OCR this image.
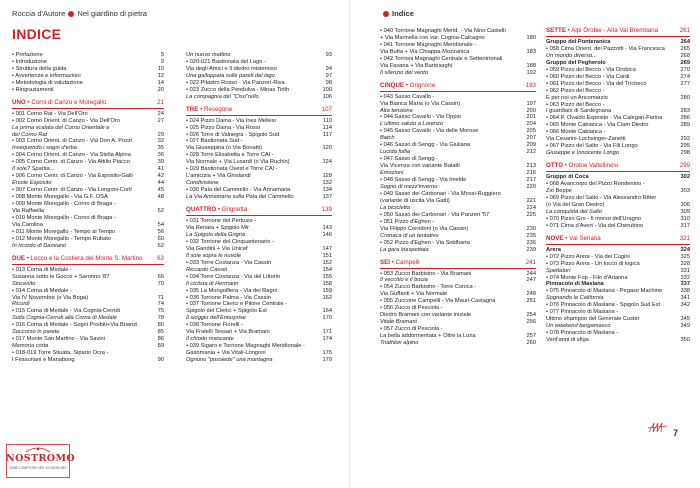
Roccia d'Autore Nel giardino di pietra
INDICE
• Prefazione	5
• Introduzione	9
• Struttura della guida	10
• Avvertenze e informazioni	12
• Metodologia di valutazione	14
• Ringraziamenti	20
UNO • Corni di Canzo e Moregallo	21
• 001 Corno Rat - Via Dell'Oro	24
• 002 Corno Orient. di Canzo - Via Dell'Oro	27
La prima scalata del Corno Orientale e
del Corno Rat	29
• 003 Corno Orient. di Canzo - Via Don A. Pozzi	32
Insequendo i sogni d'erba	35
• 004 Corno Orient. di Canzo - Via Stella Alpina	36
• 005 Corno Centr. di Canzo - Via Attilio Piacco	39
Il sole? Sparita...	41
• 006 Corno Centr. di Canzo - Via Esposito-Galli	42
Ercole Esposito	44
• 007 Corno Centr. di Canzo - Via Longoni-Corti	45
• 008 Monte Moregallo - Via G.F. OSA	48
• 009 Monte Moregallo - Corno di Braga -
Via Raffaella	52
• 010 Monte Moregallo - Corno di Braga -
Via Carolina	54
• 011 Monte Moregallo - Tempo al Tempo	56
• 012 Monte Moregallo - Tempo Rubato	60
In ricordo di Damiano	62
DUE • Lecco e la Costiera del Monte S. Martino 63
• 013 Corna di Medale -
Susanna sotto le Gocce + Saronno '87	66
Sincenito	70
• 014 Corna di Medale -
Via IV Novembre (o Via Boga)	71
Ricordi	74
• 015 Corna di Medale - Via Cognia-Cerruti	75
Sulla Cognia-Cerruti alla Corna di Medale	78
• 016 Corna di Medale - Sogni Proibiti+Via Brianzi	80
Soccorso in parete	85
• 017 Monte San Martino - Via Savini	86
Memoria corta	89
• 018-019 Torre Stiuata, Sipario Ocra -
I Fessuriani e Manabong	90
Un nuovo mattino	93
• 020-021 Bastionata del Lago -
Via degli Amici e Il diedro misterioso	94
Una galloppata sulle pareti del lago	97
• 022 Pilastro Rosso - Via Panzeri-Riva	98
• 023 Zucco della Pendulva - Minas Tirith	100
La compagnia del "Ciso"rello	106
TRE • Resegone	107
• 024 Pizzo Daina - Via Ines Mellesi	110
• 025 Pizzo Daina - Via Rossi	114
• 026 Torre di Valnegra - Spigolo Sud	117
• 027 Bastionata Sud -
Via Giuseppina (o Via Bonatti)	120
• 028 Torre Elisabetta e Torre CAI -
Via Normale + Via Lusardi (o Via Ruchin)	124
• 029 Bastionata Ovest e Torre CAI -
L'amicizia + Via Ghislandi	128
Condivisione	132
• 030 Pala del Cammello - Via Annamaria	134
La Via Annamaria sulla Pala del Cammello	137
QUATTRO • Grignetta	139
• 031 Torrione del Pertusio -
Via Renata + Spigolo Mir	143
La Spigolo della Grigna	146
• 032 Torrione del Cinquantenario -
Via Gandini + Via Unicef	147
Il sole sopra le nuvole	151
• 033 Torre Costanza - Via Cassin	152
Riccardo Cassin	154
• 034 Torre Costanza - Via del Littorio	155
Il ciclista di Hermann	158
• 035 La Mongolfiera - Via dei Ragni	159
• 036 Torrione Palma - Via Cassin	162
• 037 Torrione Clerici e Pilone Centrale -
Spigolo del Clerici + Spigolo Est	164
Il sioggio dell'Enterprise	170
• 038 Torrione Fiorelli -
Via Fratelli Tessari + Via Bramani	171
Il chiodo mancante	174
• 039 Sigaro e Torrione Magnaghi Meridionale -
Gasomania + Via Vitali-Longoni	175
Ognuno "possiede" una montagna	179
NOSTROMO
WEB COMPTOIR DES VOYAGEURS
Indice
• 040 Torrione Magnaghi Merid. - Via Nino Castelli
+ Via Marinella con var. Cognia-Calcagno	180
• 041 Torrione Magnaghi Meridionale -
Via Butta + Via Chiappa-Mozzanica	183
• 042 Torrioni Magnaghi Centrale e Settentrionali
Via Fasana + Via Bartesaghi	188
Il silenzio del vento	192
CINQUE • Grignone	193
• 043 Sasso Cavallo -
Via Bianca Maria (o Via Cassin)	197
Alta tensione	200
• 044 Sasso Cavallo - Via Oppio	201
L'ultimo saluto a Lorenzo	204
• 045 Sasso Cavallo - Via delle Morose	205
Batch	207
• 046 Sasso di Sengg - Via Giuliana	209
Lucida follia	212
• 047 Sasso di Sengg -
Via Vicenza con variante Balatti	213
Emozioni	216
• 048 Sasso di Sengg - Via Imelde	217
Sogno di mezz'inverno	220
• 049 Sasso dei Carbonari - Via Mossi-Ruggiero
(variante di uscita Via Gatti)	221
La bicicletta	224
• 050 Sasso dei Carbonari - Via Panzeri '57	225
• 051 Pizzo d'Eghen -
Via Filippo Corridoni (o Via Cassin)	230
Cronaca di un tentativo	235
• 052 Pizzo d'Eghen - Via Siddharta	236
La gara inaspettata	239
SEI • Campelli	241
• 053 Zucco Barbisino - Via Bramani	244
Il vecchio e il bocia	247
• 054 Zucco Barbisino - Torre Conica -
Via Guffanti + Via Normale	248
• 055 Zuccone Campelli - Via Mauri-Castagna	251
• 056 Zucco di Pesciola -
Diedro Bramani con variante iniziale	254
Vitale Bramani	256
• 057 Zucco di Pesciola -
La bella addormentata + Oltre la Luna	257
Triathlon alpino	260
SETTE • Alpi Orobie - Alta Val Brembana	261
Gruppo del Ponteranica	264
• 058 Cima Orient. dei Pazzotti - Via Francesca	265
Un mondo diverso...	268
Gruppo del Pegherolo	269
• 059 Pizzo del Becco - Via Orobica	270
• 060 Pizzo del Becco - Via Cardi	274
• 061 Pizzo del Becco - Via del Tricheco	277
• 062 Pizzo del Becco -
E per noi un Ancomarzio	280
• 063 Pizzo del Becco -
I guardiani di Sardegnana	283
• 064 P. Ovaldo Esposito - Via Calegari-Farina	286
• 065 Monte Cabianca - Via Ciam Diedro	289
• 066 Monte Cabianca -
Via Cesarini-Luchsinger-Zanetti	292
• 067 Pizzo del Salto - Via Fili Longo	295
Giuseppe e Innocente Longo	298
OTTO • Orobie Valtellinesi	299
Gruppo di Coca	302
• 068 Avancorpo del Pizzo Rondenino -
Zio Beppe	303
• 069 Pizzo del Salto - Via Alessandro Ritter
(o Via del Gran Diedro)	306
La conquista del Salto	309
• 070 Pizzo Gro - Il morso dell'Uragno	310
• 071 Cima d'Avert - Via del Cherubino	317
NOVE • Val Seriana	321
Arera	324
• 072 Pizzo Arera - Via dei Cugini	325
• 073 Pizzo Arera - Un tocco di logica	328
Spettatori	331
• 074 Monte Fop - Filo d'Arianna	332
Pinnacolo di Maslana	337
• 075 Pinnacolo di Maslana - Pegaso Machine	338
Sognando la California	341
• 076 Pinnacolo di Maslana - Spigolo Sud Est	342
• 077 Pinnacolo di Maslana -
Ultimo shampoo del Generale Custer	345
Un weekend bergamasco	349
• 078 Pinnacolo di Maslana -
Vent'anni di sfiga	350
7
